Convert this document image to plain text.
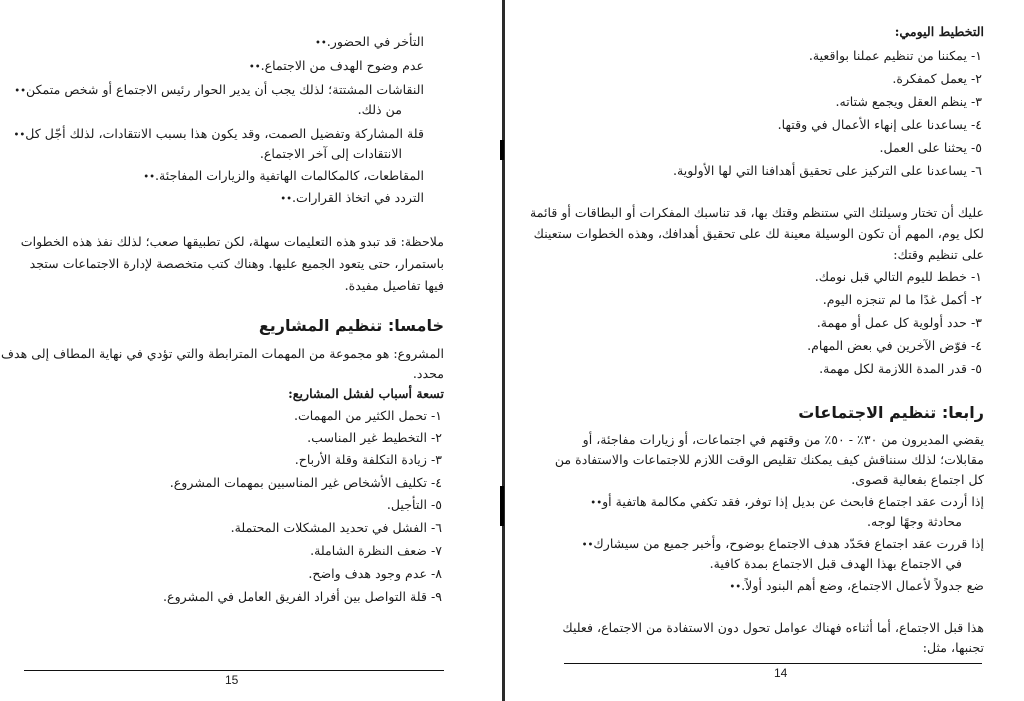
التأخر في الحضور.••
عدم وضوح الهدف من الاجتماع.••
النقاشات المشتتة؛ لذلك يجب أن يدير الحوار رئيس الاجتماع أو شخص متمكن••
من ذلك.
قلة المشاركة وتفضيل الصمت، وقد يكون هذا بسبب الانتقادات، لذلك أجّل كل••
الانتقادات إلى آخر الاجتماع.
المقاطعات، كالمكالمات الهاتفية والزيارات المفاجئة.••
التردد في اتخاذ القرارات.••
ملاحظة: قد تبدو هذه التعليمات سهلة، لكن تطبيقها صعب؛ لذلك نفذ هذه الخطوات
باستمرار، حتى يتعود الجميع عليها. وهناك كتب متخصصة لإدارة الاجتماعات ستجد
فيها تفاصيل مفيدة.
خامسا: تنظيم المشاريع
المشروع: هو مجموعة من المهمات المترابطة والتي تؤدي في نهاية المطاف إلى هدف
محدد.
تسعة أسباب لفشل المشاريع:
١- تحمل الكثير من المهمات.
٢- التخطيط غير المناسب.
٣- زيادة التكلفة وقلة الأرباح.
٤- تكليف الأشخاص غير المناسبين بمهمات المشروع.
٥- التأجيل.
٦- الفشل في تحديد المشكلات المحتملة.
٧- ضعف النظرة الشاملة.
٨- عدم وجود هدف واضح.
٩- قلة التواصل بين أفراد الفريق العامل في المشروع.
15
التخطيط اليومي:
١- يمكننا من تنظيم عملنا بواقعية.
٢- يعمل كمفكرة.
٣- ينظم العقل ويجمع شتاته.
٤- يساعدنا على إنهاء الأعمال في وقتها.
٥- يحثنا على العمل.
٦- يساعدنا على التركيز على تحقيق أهدافنا التي لها الأولوية.
عليك أن تختار وسيلتك التي ستنظم وقتك بها، قد تناسبك المفكرات أو البطاقات أو قائمة
لكل يوم، المهم أن تكون الوسيلة معينة لك على تحقيق أهدافك، وهذه الخطوات ستعينك
على تنظيم وقتك:
١- خطط لليوم التالي قبل نومك.
٢- أكمل غدًا ما لم تنجزه اليوم.
٣- حدد أولوية كل عمل أو مهمة.
٤- فوّض الآخرين في بعض المهام.
٥- قدر المدة اللازمة لكل مهمة.
رابعا: تنظيم الاجتماعات
يقضي المديرون من ٣٠٪ - ٥٠٪ من وقتهم في اجتماعات، أو زيارات مفاجئة، أو
مقابلات؛ لذلك سنناقش كيف يمكنك تقليص الوقت اللازم للاجتماعات والاستفادة من
كل اجتماع بفعالية قصوى.
إذا أردت عقد اجتماع فابحث عن بديل إذا توفر، فقد تكفي مكالمة هاتفية أو••
محادثة وجهًا لوجه.
إذا قررت عقد اجتماع فحَدّد هدف الاجتماع بوضوح، وأخبر جميع من سيشارك••
في الاجتماع بهذا الهدف قبل الاجتماع بمدة كافية.
ضع جدولاً لأعمال الاجتماع، وضع أهم البنود أولاً.••
هذا قبل الاجتماع، أما أثناءه فهناك عوامل تحول دون الاستفادة من الاجتماع، فعليك
تجنبها، مثل:
14
